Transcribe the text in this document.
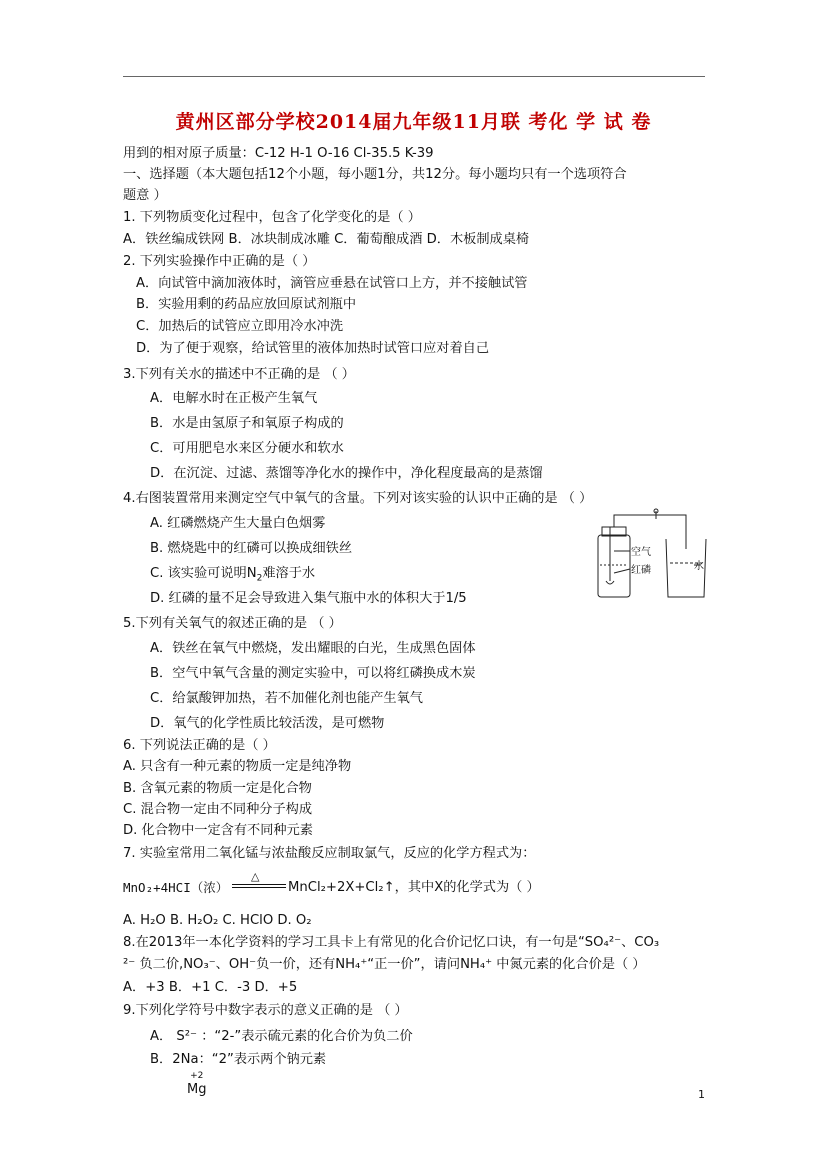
黄州区部分学校2014届九年级11月联 考化 学 试 卷
用到的相对原子质量：C-12 H-1 O-16 Cl-35.5 K-39
一、选择题（本大题包括12个小题，每小题1分，共12分。每小题均只有一个选项符合
题意 ）
1. 下列物质变化过程中，包含了化学变化的是（ ）
A．铁丝编成铁网 B．冰块制成冰雕 C．葡萄酿成酒 D．木板制成桌椅
2. 下列实验操作中正确的是（ ）
A．向试管中滴加液体时，滴管应垂悬在试管口上方，并不接触试管
B．实验用剩的药品应放回原试剂瓶中
C．加热后的试管应立即用冷水冲洗
D．为了便于观察，给试管里的液体加热时试管口应对着自己
3.下列有关水的描述中不正确的是 （ ）
A．电解水时在正极产生氧气
B．水是由氢原子和氧原子构成的
C．可用肥皂水来区分硬水和软水
D．在沉淀、过滤、蒸馏等净化水的操作中，净化程度最高的是蒸馏
4.右图装置常用来测定空气中氧气的含量。下列对该实验的认识中正确的是 （ ）
A. 红磷燃烧产生大量白色烟雾
B. 燃烧匙中的红磷可以换成细铁丝
C. 该实验可说明$N_2$难溶于水
D. 红磷的量不足会导致进入集气瓶中水的体积大于1/5
空气
红磷	水
5.下列有关氧气的叙述正确的是 （ ）
A．铁丝在氧气中燃烧，发出耀眼的白光，生成黑色固体
B．空气中氧气含量的测定实验中，可以将红磷换成木炭
C．给氯酸钾加热，若不加催化剂也能产生氧气
D．氧气的化学性质比较活泼，是可燃物
6. 下列说法正确的是（ ）
A. 只含有一种元素的物质一定是纯净物
B. 含氧元素的物质一定是化合物
C. 混合物一定由不同种分子构成
D. 化合物中一定含有不同种元素
7. 实验室常用二氧化锰与浓盐酸反应制取氯气，反应的化学方程式为：
MnO₂+4HCI（浓）
△
MnCl₂+2X+Cl₂↑，其中X的化学式为（ ）
A. H₂O B. H₂O₂ C. HClO D. O₂
8.在2013年一本化学资料的学习工具卡上有常见的化合价记忆口诀，有一句是“SO₄²⁻、CO₃
²⁻ 负二价,NO₃⁻、OH⁻负一价，还有NH₄⁺“正一价”，请问NH₄⁺ 中氮元素的化合价是（ ）
A．+3 B．+1 C．-3 D．+5
9.下列化学符号中数字表示的意义正确的是 （ ）
A． S²⁻ ：“2-”表示硫元素的化合价为负二价
B．2Na：“2”表示两个钠元素
+2
Mg	1
